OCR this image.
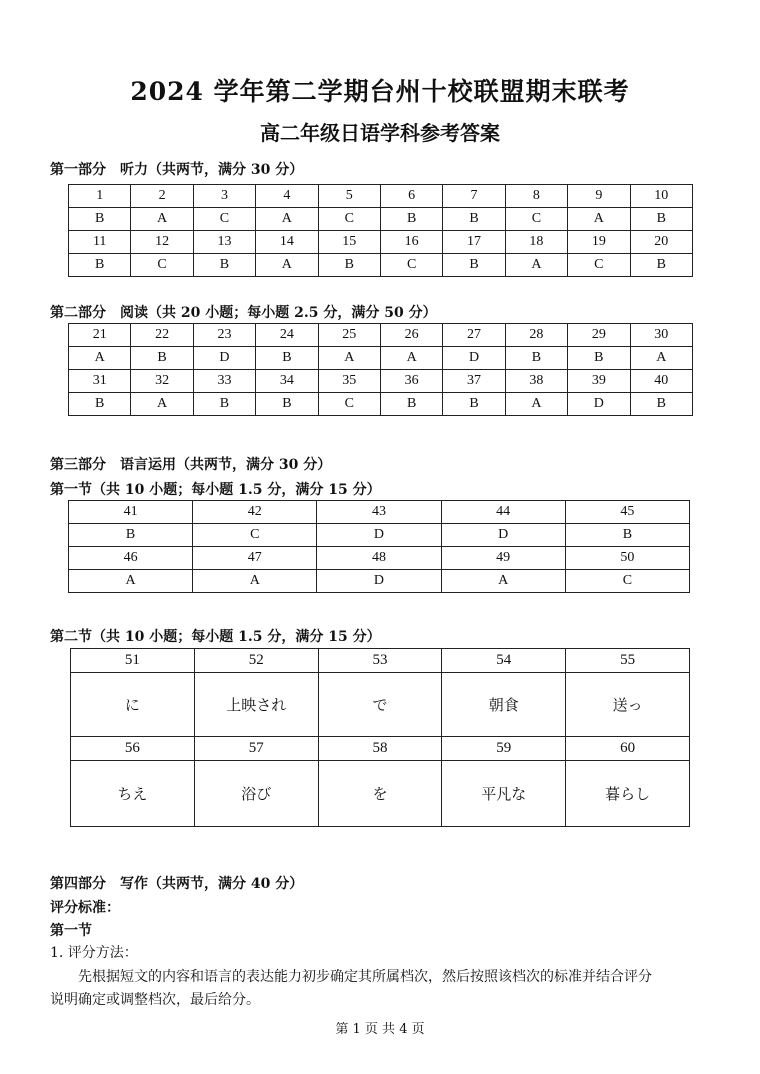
2024 学年第二学期台州十校联盟期末联考
高二年级日语学科参考答案
第一部分　听力（共两节，满分 30 分）
1	2	3	4	5	6	7	8	9	10
B	A	C	A	C	B	B	C	A	B
11	12	13	14	15	16	17	18	19	20
B	C	B	A	B	C	B	A	C	B
第二部分　阅读（共 20 小题；每小题 2.5 分，满分 50 分）
21	22	23	24	25	26	27	28	29	30
A	B	D	B	A	A	D	B	B	A
31	32	33	34	35	36	37	38	39	40
B	A	B	B	C	B	B	A	D	B
第三部分　语言运用（共两节，满分 30 分）
第一节（共 10 小题；每小题 1.5 分，满分 15 分）
41	42	43	44	45
B	C	D	D	B
46	47	48	49	50
A	A	D	A	C
第二节（共 10 小题；每小题 1.5 分，满分 15 分）
51	52	53	54	55
に	上映され	で	朝食	送っ
56	57	58	59	60
ちえ	浴び	を	平凡な	暮らし
第四部分　写作（共两节，满分 40 分）
评分标准：
第一节
1. 评分方法：
先根据短文的内容和语言的表达能力初步确定其所属档次，然后按照该档次的标准并结合评分
说明确定或调整档次，最后给分。
第 1 页 共 4 页
